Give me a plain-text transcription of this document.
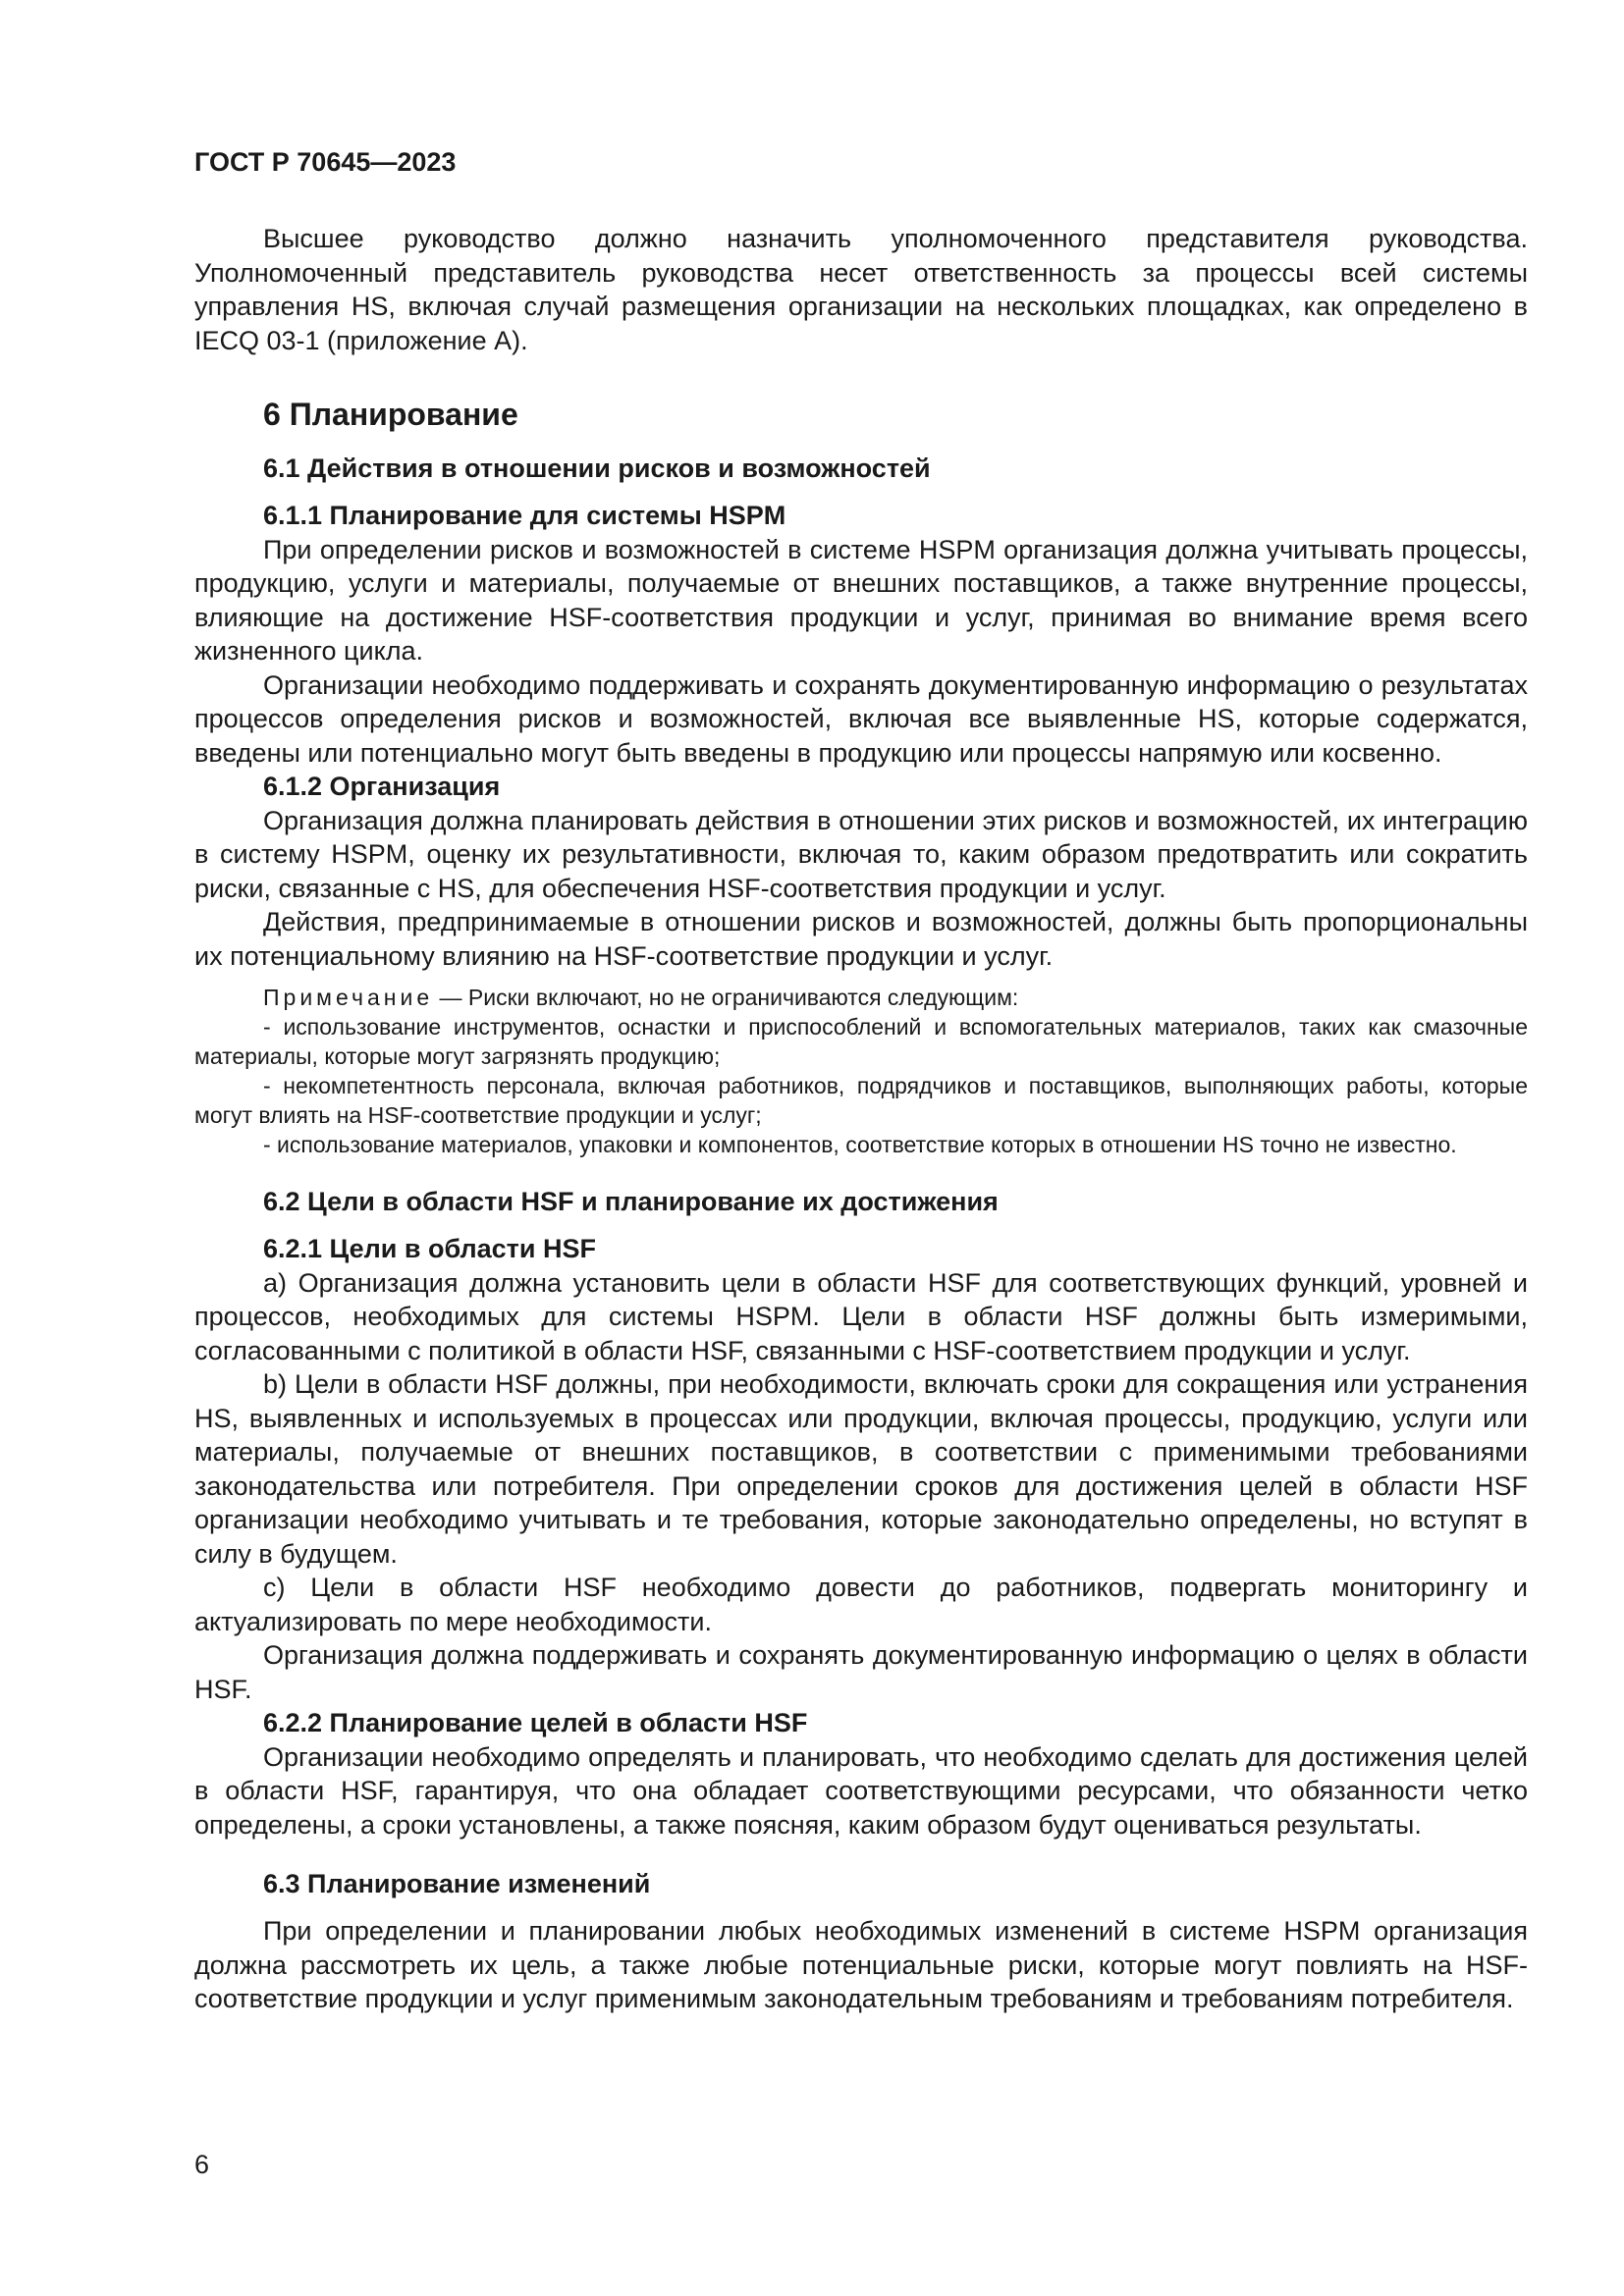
ГОСТ Р 70645—2023

Высшее руководство должно назначить уполномоченного представителя руководства. Уполномоченный представитель руководства несет ответственность за процессы всей системы управления HS, включая случай размещения организации на нескольких площадках, как определено в IECQ 03-1 (приложение А).

6 Планирование
6.1 Действия в отношении рисков и возможностей
6.1.1 Планирование для системы HSPM

При определении рисков и возможностей в системе HSPM организация должна учитывать процессы, продукцию, услуги и материалы, получаемые от внешних поставщиков, а также внутренние процессы, влияющие на достижение HSF-соответствия продукции и услуг, принимая во внимание время всего жизненного цикла.

Организации необходимо поддерживать и сохранять документированную информацию о результатах процессов определения рисков и возможностей, включая все выявленные HS, которые содержатся, введены или потенциально могут быть введены в продукцию или процессы напрямую или косвенно.

6.1.2 Организация

Организация должна планировать действия в отношении этих рисков и возможностей, их интеграцию в систему HSPM, оценку их результативности, включая то, каким образом предотвратить или сократить риски, связанные с HS, для обеспечения HSF-соответствия продукции и услуг.

Действия, предпринимаемые в отношении рисков и возможностей, должны быть пропорциональны их потенциальному влиянию на HSF-соответствие продукции и услуг.

Примечание — Риски включают, но не ограничиваются следующим:

- использование инструментов, оснастки и приспособлений и вспомогательных материалов, таких как смазочные материалы, которые могут загрязнять продукцию;

- некомпетентность персонала, включая работников, подрядчиков и поставщиков, выполняющих работы, которые могут влиять на HSF-соответствие продукции и услуг;

- использование материалов, упаковки и компонентов, соответствие которых в отношении HS точно не известно.

6.2 Цели в области HSF и планирование их достижения
6.2.1 Цели в области HSF

a) Организация должна установить цели в области HSF для соответствующих функций, уровней и процессов, необходимых для системы HSPM. Цели в области HSF должны быть измеримыми, согласованными с политикой в области HSF, связанными с HSF-соответствием продукции и услуг.

b) Цели в области HSF должны, при необходимости, включать сроки для сокращения или устранения HS, выявленных и используемых в процессах или продукции, включая процессы, продукцию, услуги или материалы, получаемые от внешних поставщиков, в соответствии с применимыми требованиями законодательства или потребителя. При определении сроков для достижения целей в области HSF организации необходимо учитывать и те требования, которые законодательно определены, но вступят в силу в будущем.

c) Цели в области HSF необходимо довести до работников, подвергать мониторингу и актуализировать по мере необходимости.

Организация должна поддерживать и сохранять документированную информацию о целях в области HSF.

6.2.2 Планирование целей в области HSF

Организации необходимо определять и планировать, что необходимо сделать для достижения целей в области HSF, гарантируя, что она обладает соответствующими ресурсами, что обязанности четко определены, а сроки установлены, а также поясняя, каким образом будут оцениваться результаты.

6.3 Планирование изменений

При определении и планировании любых необходимых изменений в системе HSPM организация должна рассмотреть их цель, а также любые потенциальные риски, которые могут повлиять на HSF-соответствие продукции и услуг применимым законодательным требованиям и требованиям потребителя.

6
